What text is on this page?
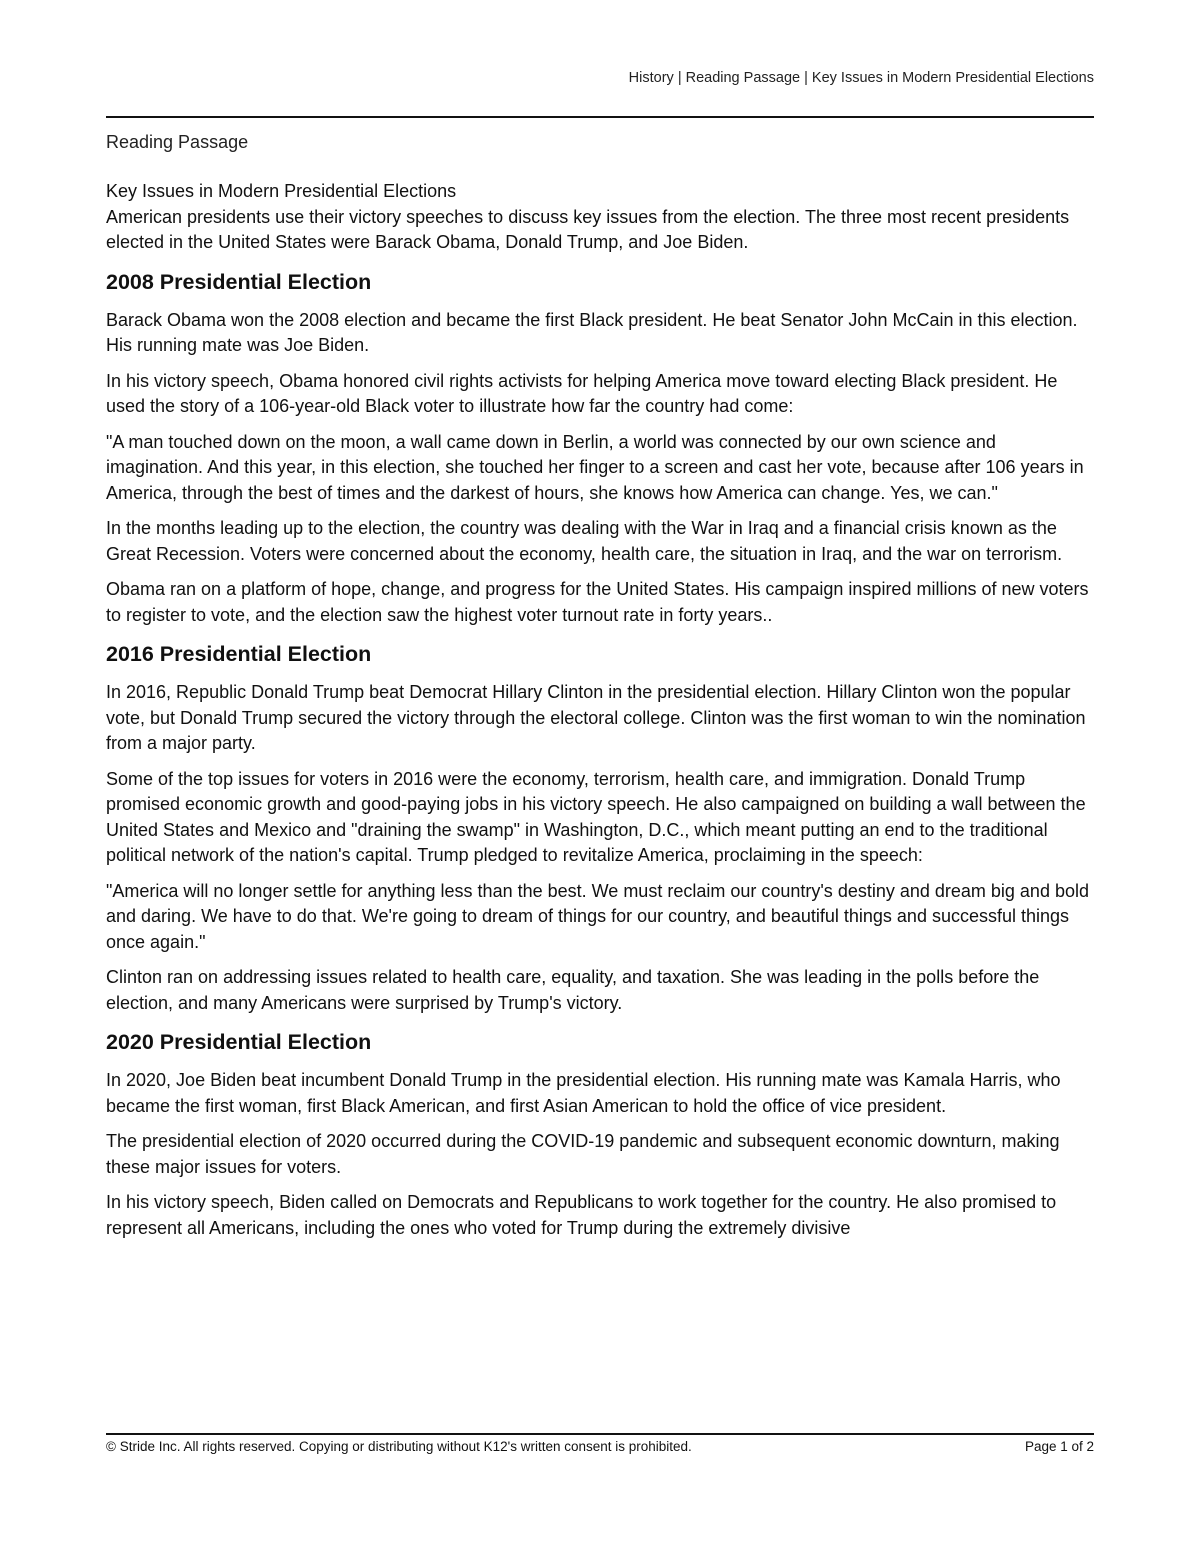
History | Reading Passage | Key Issues in Modern Presidential Elections

Reading Passage

Key Issues in Modern Presidential Elections

American presidents use their victory speeches to discuss key issues from the election. The three most recent presidents elected in the United States were Barack Obama, Donald Trump, and Joe Biden.

2008 Presidential Election

Barack Obama won the 2008 election and became the first Black president. He beat Senator John McCain in this election. His running mate was Joe Biden.

In his victory speech, Obama honored civil rights activists for helping America move toward electing Black president. He used the story of a 106-year-old Black voter to illustrate how far the country had come:

"A man touched down on the moon, a wall came down in Berlin, a world was connected by our own science and imagination. And this year, in this election, she touched her finger to a screen and cast her vote, because after 106 years in America, through the best of times and the darkest of hours, she knows how America can change. Yes, we can."

In the months leading up to the election, the country was dealing with the War in Iraq and a financial crisis known as the Great Recession. Voters were concerned about the economy, health care, the situation in Iraq, and the war on terrorism.

Obama ran on a platform of hope, change, and progress for the United States. His campaign inspired millions of new voters to register to vote, and the election saw the highest voter turnout rate in forty years..

2016 Presidential Election

In 2016, Republic Donald Trump beat Democrat Hillary Clinton in the presidential election. Hillary Clinton won the popular vote, but Donald Trump secured the victory through the electoral college. Clinton was the first woman to win the nomination from a major party.

Some of the top issues for voters in 2016 were the economy, terrorism, health care, and immigration. Donald Trump promised economic growth and good-paying jobs in his victory speech. He also campaigned on building a wall between the United States and Mexico and "draining the swamp" in Washington, D.C., which meant putting an end to the traditional political network of the nation's capital. Trump pledged to revitalize America, proclaiming in the speech:

"America will no longer settle for anything less than the best. We must reclaim our country's destiny and dream big and bold and daring. We have to do that. We're going to dream of things for our country, and beautiful things and successful things once again."

Clinton ran on addressing issues related to health care, equality, and taxation. She was leading in the polls before the election, and many Americans were surprised by Trump's victory.

2020 Presidential Election

In 2020, Joe Biden beat incumbent Donald Trump in the presidential election. His running mate was Kamala Harris, who became the first woman, first Black American, and first Asian American to hold the office of vice president.

The presidential election of 2020 occurred during the COVID-19 pandemic and subsequent economic downturn, making these major issues for voters.

In his victory speech, Biden called on Democrats and Republicans to work together for the country. He also promised to represent all Americans, including the ones who voted for Trump during the extremely divisive

© Stride Inc. All rights reserved. Copying or distributing without K12's written consent is prohibited.	Page 1 of 2
